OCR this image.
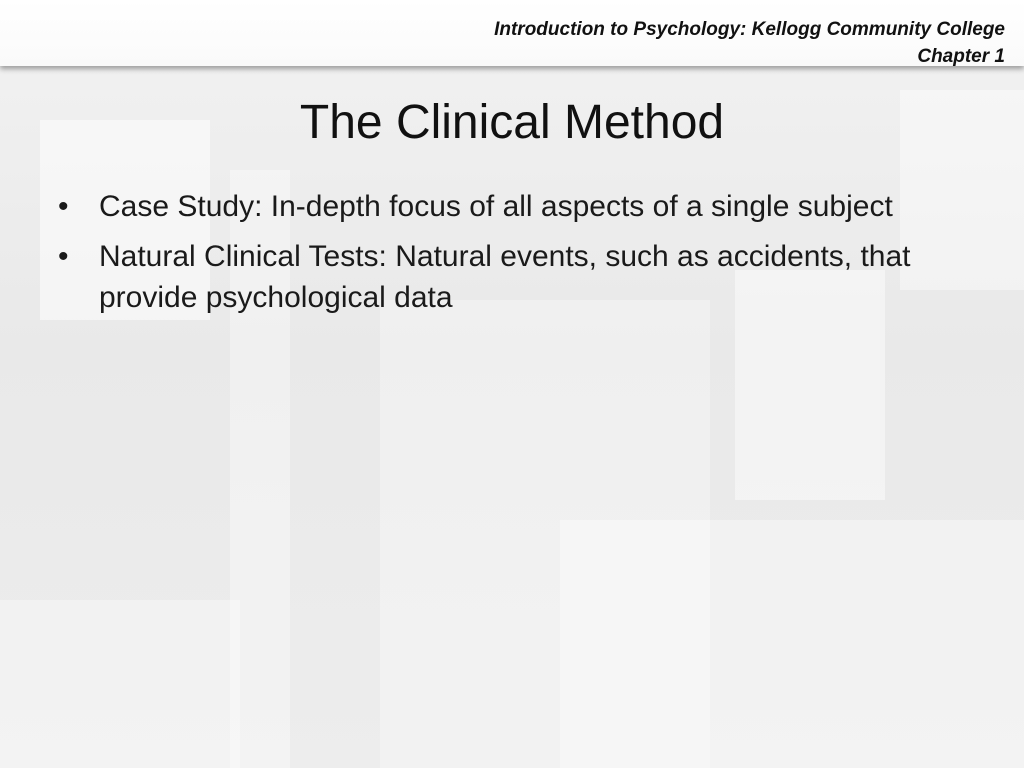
Introduction to Psychology: Kellogg Community College
Chapter 1

The Clinical Method
• Case Study: In-depth focus of all aspects of a single subject
• Natural Clinical Tests: Natural events, such as accidents, that provide psychological data
